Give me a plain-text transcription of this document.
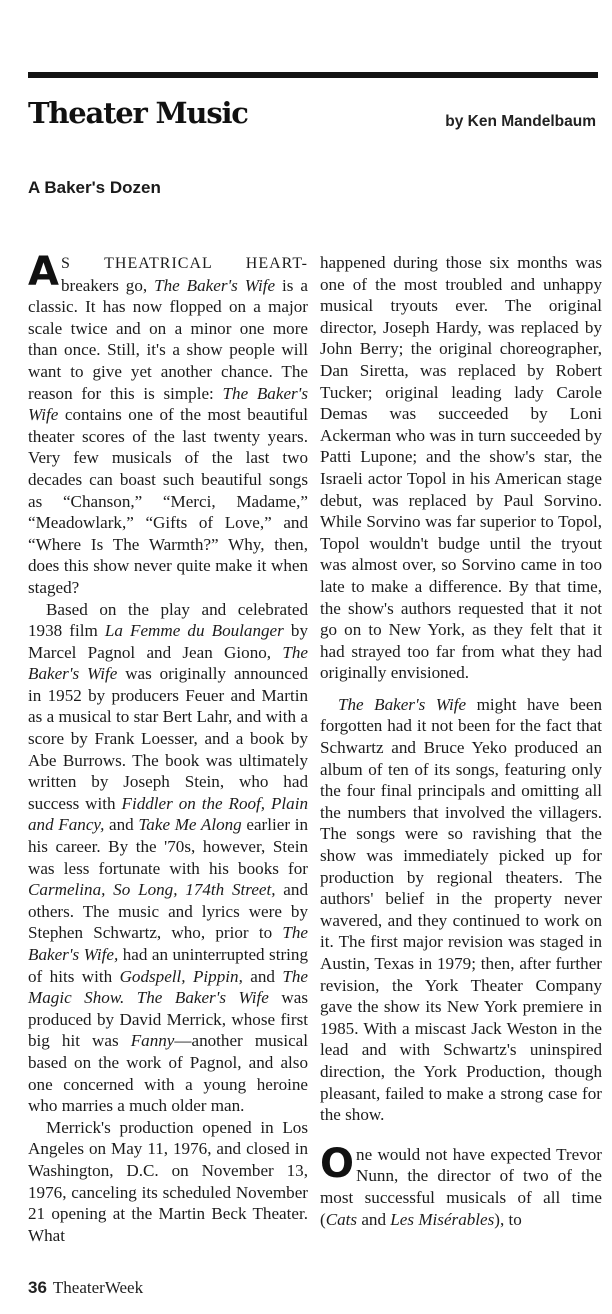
Theater Music	by Ken Mandelbaum
A Baker's Dozen

A S THEATRICAL HEART- breakers go, The Baker's Wife is a classic. It has now flopped on a major scale twice and on a minor one more than once. Still, it's a show people will want to give yet another chance. The reason for this is simple: The Baker's Wife contains one of the most beautiful theater scores of the last twenty years. Very few musicals of the last two decades can boast such beautiful songs as “Chanson,” “Merci, Madame,” “Meadowlark,” “Gifts of Love,” and “Where Is The Warmth?” Why, then, does this show never quite make it when staged?

Based on the play and celebrated 1938 film La Femme du Boulanger by Marcel Pagnol and Jean Giono, The Baker's Wife was originally announced in 1952 by producers Feuer and Martin as a musical to star Bert Lahr, and with a score by Frank Loesser, and a book by Abe Burrows. The book was ultimately written by Joseph Stein, who had success with Fiddler on the Roof, Plain and Fancy, and Take Me Along earlier in his career. By the '70s, however, Stein was less fortunate with his books for Carmelina, So Long, 174th Street, and others. The music and lyrics were by Stephen Schwartz, who, prior to The Baker's Wife, had an uninterrupted string of hits with Godspell, Pippin, and The Magic Show. The Baker's Wife was produced by David Merrick, whose first big hit was Fanny—another musical based on the work of Pagnol, and also one concerned with a young heroine who marries a much older man.

Merrick's production opened in Los Angeles on May 11, 1976, and closed in Washington, D.C. on November 13, 1976, canceling its scheduled November 21 opening at the Martin Beck Theater. What

happened during those six months was one of the most troubled and unhappy musical tryouts ever. The original director, Joseph Hardy, was replaced by John Berry; the original choreographer, Dan Siretta, was replaced by Robert Tucker; original leading lady Carole Demas was succeeded by Loni Ackerman who was in turn succeeded by Patti Lupone; and the show's star, the Israeli actor Topol in his American stage debut, was replaced by Paul Sorvino. While Sorvino was far superior to Topol, Topol wouldn't budge until the tryout was almost over, so Sorvino came in too late to make a difference. By that time, the show's authors requested that it not go on to New York, as they felt that it had strayed too far from what they had originally envisioned.

The Baker's Wife might have been forgotten had it not been for the fact that Schwartz and Bruce Yeko produced an album of ten of its songs, featuring only the four final principals and omitting all the numbers that involved the villagers. The songs were so ravishing that the show was immediately picked up for production by regional theaters. The authors' belief in the property never wavered, and they continued to work on it. The first major revision was staged in Austin, Texas in 1979; then, after further revision, the York Theater Company gave the show its New York premiere in 1985. With a miscast Jack Weston in the lead and with Schwartz's uninspired direction, the York Production, though pleasant, failed to make a strong case for the show.

One would not have expected Trevor Nunn, the director of two of the most successful musicals of all time (Cats and Les Misérables), to

36 TheaterWeek
